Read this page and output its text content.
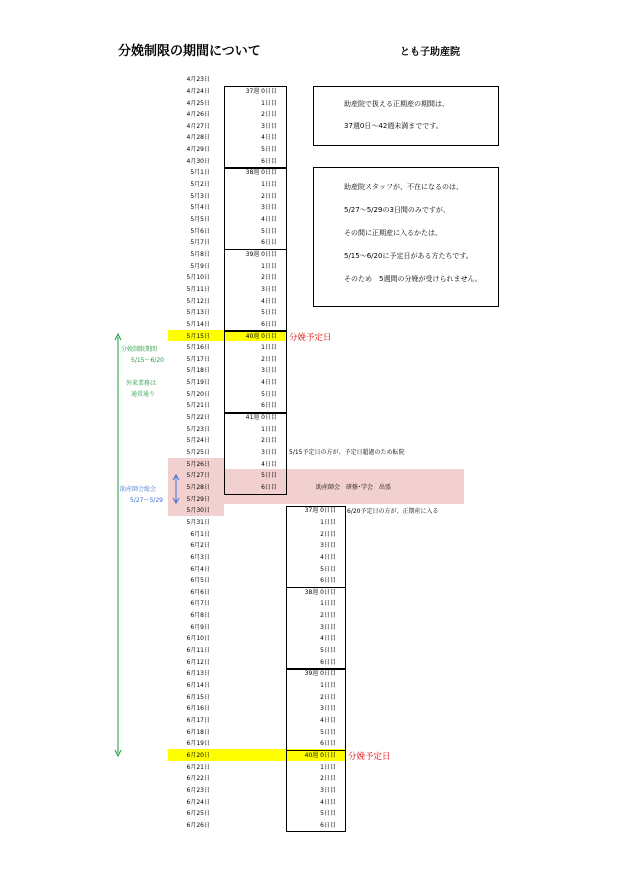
分娩制限の期間について	とも子助産院
4月23日
4月24日
4月25日
4月26日
4月27日
4月28日
4月29日
4月30日
5月1日
5月2日
5月3日
5月4日
5月5日
5月6日
5月7日
5月8日
5月9日
5月10日
5月11日
5月12日
5月13日
5月14日
5月15日
5月16日
5月17日
5月18日
5月19日
5月20日
5月21日
5月22日
5月23日
5月24日
5月25日
5月26日
5月27日
5月28日
5月29日
5月30日
5月31日
6月1日
6月2日
6月3日
6月4日
6月5日
6月6日
6月7日
6月8日
6月9日
6月10日
6月11日
6月12日
6月13日
6月14日
6月15日
6月16日
6月17日
6月18日
6月19日
6月20日
6月21日
6月22日
6月23日
6月24日
6月25日
6月26日
37週 0日目
1日目
2日目
3日目
4日目
5日目
6日目
38週 0日目
1日目
2日目
3日目
4日目
5日目
6日目
39週 0日目
1日目
2日目
3日目
4日目
5日目
6日目
40週 0日目
1日目
2日目
3日目
4日目
5日目
6日目
41週 0日目
1日目
2日目
3日目
4日目
5日目
6日目
37週 0日目
1日目
2日目
3日目
4日目
5日目
6日目
38週 0日目
1日目
2日目
3日目
4日目
5日目
6日目
39週 0日目
1日目
2日目
3日目
4日目
5日目
6日目
40週 0日目
1日目
2日目
3日目
4日目
5日目
6日目
助産院で扱える正期産の期間は、
37週0日～42週未満までです。
助産院スタッフが、不在になるのは、
5/27～5/29の3日間のみですが、
その間に正期産に入るかたは、
5/15～6/20に予定日がある方たちです。
そのため　5週間の分娩が受けられません。
分娩予定日
分娩予定日
5/15予定日の方が、予定日超過のため転院
6/20予定日の方が、正期産に入る
助産師会　研修･学会　出張
分娩制限期間
5/15～6/20
外来業務は
通常通り
助産師会総会
5/27～5/29
